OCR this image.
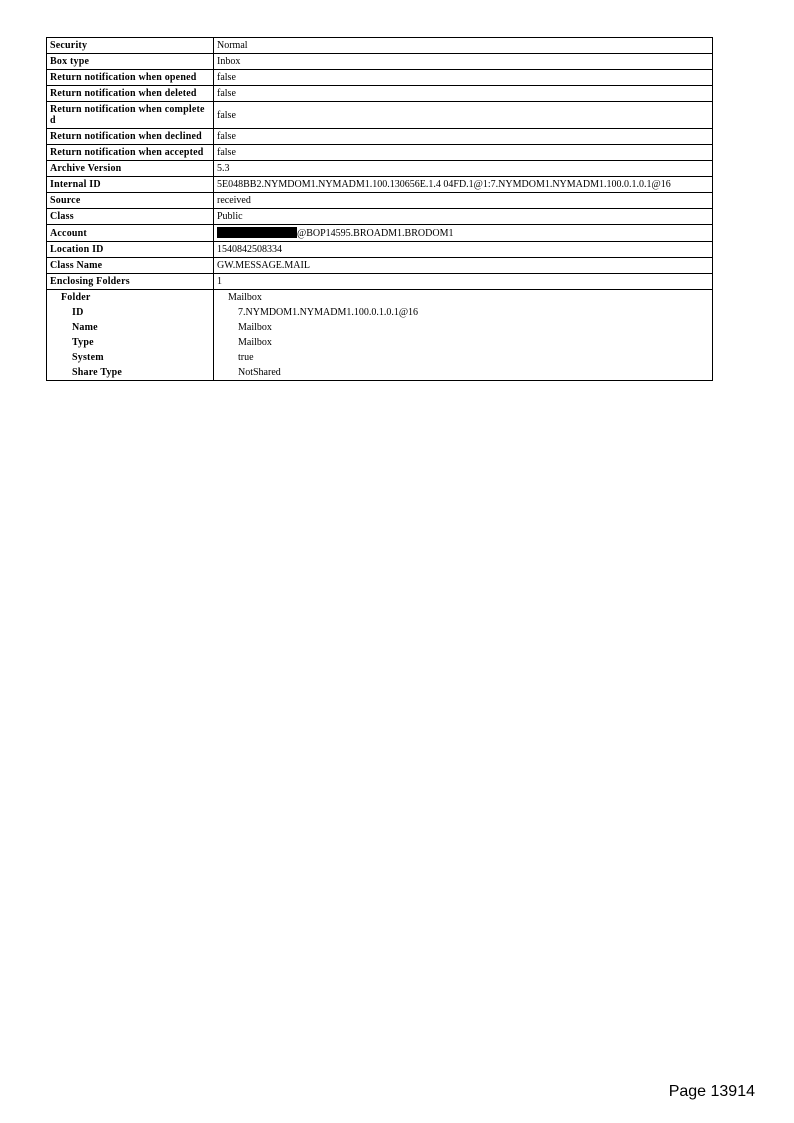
Security	Normal
Box type	Inbox
Return notification when opened	false
Return notification when deleted	false
Return notification when completed	false
Return notification when declined	false
Return notification when accepted	false
Archive Version	5.3
Internal ID	5E048BB2.NYMDOM1.NYMADM1.100.130656E.1.4 04FD.1@1:7.NYMDOM1.NYMADM1.100.0.1.0.1@16
Source	received
Class	Public
Account	@BOP14595.BROADM1.BRODOM1
Location ID	1540842508334
Class Name	GW.MESSAGE.MAIL
Enclosing Folders	1
Folder	Mailbox
ID	7.NYMDOM1.NYMADM1.100.0.1.0.1@16
Name	Mailbox
Type	Mailbox
System	true
Share Type	NotShared
Page 13914
